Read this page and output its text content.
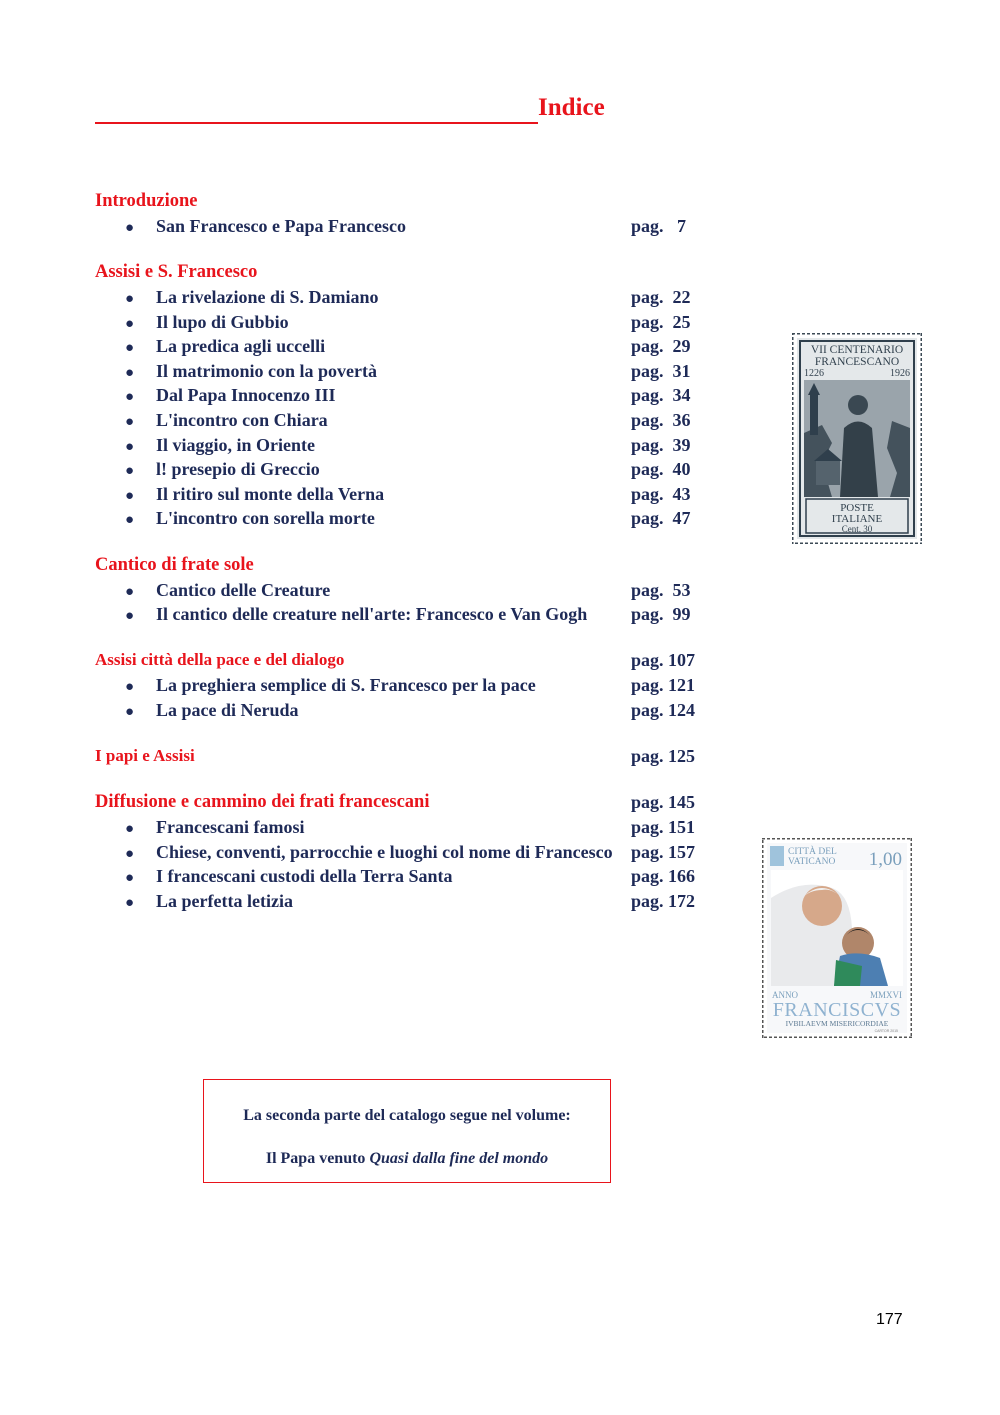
Indice
Introduzione
● San Francesco e Papa Francesco	pag.   7
Assisi e S. Francesco
● La rivelazione di S. Damiano	pag.  22
● Il lupo di Gubbio	pag.  25
● La predica agli uccelli	pag.  29
● Il matrimonio con la povertà	pag.  31
● Dal Papa Innocenzo III	pag.  34
● L'incontro con Chiara	pag.  36
● Il viaggio, in Oriente	pag.  39
● l! presepio di Greccio	pag.  40
● Il ritiro sul monte della Verna	pag.  43
● L'incontro con sorella morte	pag.  47
Cantico di frate sole
● Cantico delle Creature	pag.  53
● Il cantico delle creature nell'arte: Francesco e Van Gogh pag.  99
Assisi città della pace e del dialogo	pag. 107
● La preghiera semplice di S. Francesco per la pace	pag. 121
● La pace di Neruda	pag. 124
I papi e Assisi	pag. 125
Diffusione e cammino dei frati francescani	pag. 145
● Francescani famosi	pag. 151
● Chiese, conventi, parrocchie e luoghi col nome di Francesco pag. 157
● I francescani custodi della Terra Santa	pag. 166
● La perfetta letizia	pag. 172
VII CENTENARIO
FRANCESCANO
1226	1926
POSTE
ITALIANE
Cent. 30
CITTÀ DEL
VATICANO 1,00
ANNO	MMXVI
FRANCISCVS
IVBILAEVM MISERICORDIAE
CARTOR 2015
La seconda parte del catalogo segue nel volume:
Il Papa venuto Quasi dalla fine del mondo
177
